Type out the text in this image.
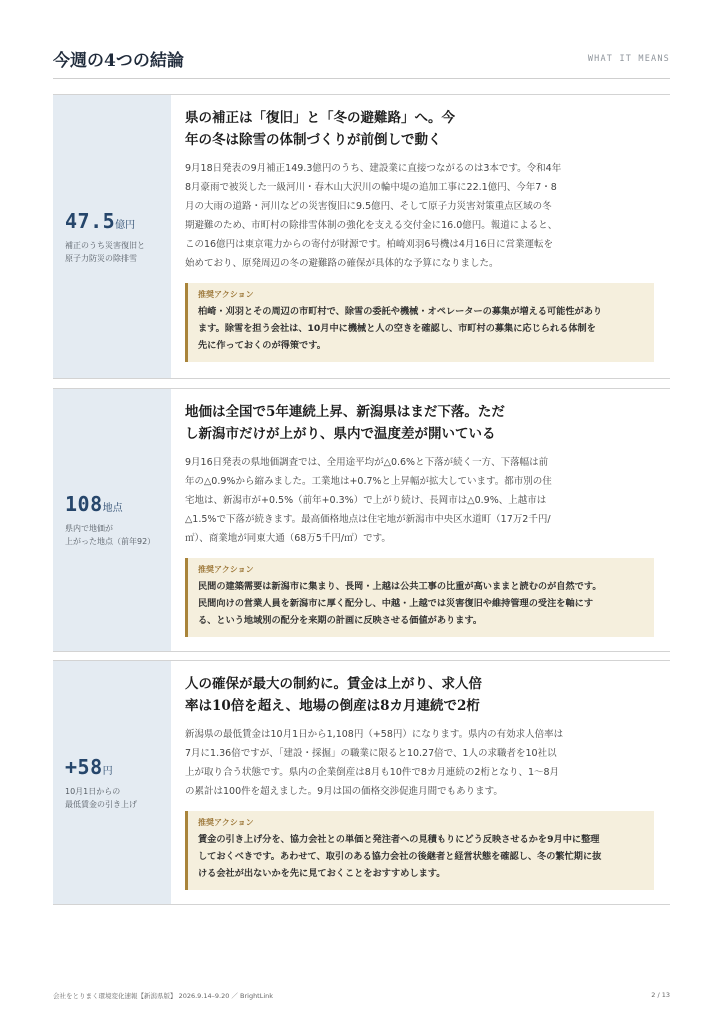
今週の4つの結論	WHAT IT MEANS
47.5億円
補正のうち災害復旧と
原子力防災の除排雪
県の補正は「復旧」と「冬の避難路」へ。今
年の冬は除雪の体制づくりが前倒しで動く
9月18日発表の9月補正149.3億円のうち、建設業に直接つながるのは3本です。令和4年
8月豪雨で被災した一級河川・春木山大沢川の輪中堤の追加工事に22.1億円、今年7・8
月の大雨の道路・河川などの災害復旧に9.5億円、そして原子力災害対策重点区域の冬
期避難のため、市町村の除排雪体制の強化を支える交付金に16.0億円。報道によると、
この16億円は東京電力からの寄付が財源です。柏崎刈羽6号機は4月16日に営業運転を
始めており、原発周辺の冬の避難路の確保が具体的な予算になりました。
推奨アクション
柏崎・刈羽とその周辺の市町村で、除雪の委託や機械・オペレーターの募集が増える可能性があり
ます。除雪を担う会社は、10月中に機械と人の空きを確認し、市町村の募集に応じられる体制を
先に作っておくのが得策です。
108地点
県内で地価が
上がった地点（前年92）
地価は全国で5年連続上昇、新潟県はまだ下落。ただ
し新潟市だけが上がり、県内で温度差が開いている
9月16日発表の県地価調査では、全用途平均が△0.6%と下落が続く一方、下落幅は前
年の△0.9%から縮みました。工業地は+0.7%と上昇幅が拡大しています。都市別の住
宅地は、新潟市が+0.5%（前年+0.3%）で上がり続け、長岡市は△0.9%、上越市は
△1.5%で下落が続きます。最高価格地点は住宅地が新潟市中央区水道町（17万2千円/
㎡）、商業地が同東大通（68万5千円/㎡）です。
推奨アクション
民間の建築需要は新潟市に集まり、長岡・上越は公共工事の比重が高いままと読むのが自然です。
民間向けの営業人員を新潟市に厚く配分し、中越・上越では災害復旧や維持管理の受注を軸にす
る、という地域別の配分を来期の計画に反映させる価値があります。
+58円
10月1日からの
最低賃金の引き上げ
人の確保が最大の制約に。賃金は上がり、求人倍
率は10倍を超え、地場の倒産は8カ月連続で2桁
新潟県の最低賃金は10月1日から1,108円（+58円）になります。県内の有効求人倍率は
7月に1.36倍ですが、「建設・採掘」の職業に限ると10.27倍で、1人の求職者を10社以
上が取り合う状態です。県内の企業倒産は8月も10件で8カ月連続の2桁となり、1〜8月
の累計は100件を超えました。9月は国の価格交渉促進月間でもあります。
推奨アクション
賃金の引き上げ分を、協力会社との単価と発注者への見積もりにどう反映させるかを9月中に整理
しておくべきです。あわせて、取引のある協力会社の後継者と経営状態を確認し、冬の繁忙期に抜
ける会社が出ないかを先に見ておくことをおすすめします。
会社をとりまく環境変化速報【新潟県版】 2026.9.14–9.20 ／ BrightLink	2 / 13
